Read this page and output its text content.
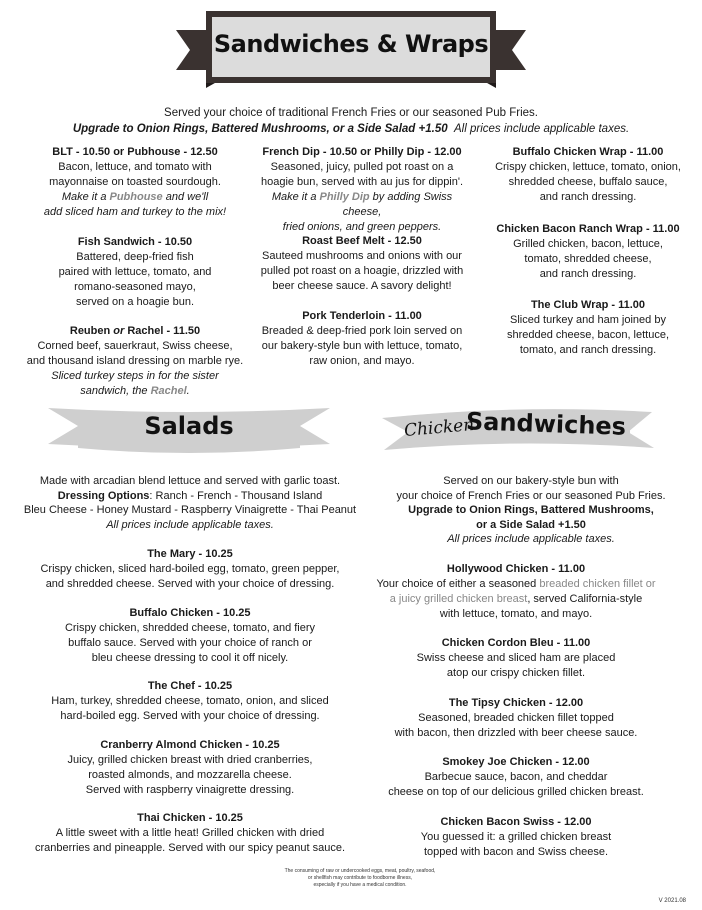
Sandwiches & Wraps
Served your choice of traditional French Fries or our seasoned Pub Fries.
Upgrade to Onion Rings, Battered Mushrooms, or a Side Salad +1.50 All prices include applicable taxes.
BLT - 10.50 or Pubhouse - 12.50
Bacon, lettuce, and tomato with
mayonnaise on toasted sourdough.
Make it a Pubhouse and we'll
add sliced ham and turkey to the mix!
Fish Sandwich - 10.50
Battered, deep-fried fish
paired with lettuce, tomato, and
romano-seasoned mayo,
served on a hoagie bun.
Reuben or Rachel - 11.50
Corned beef, sauerkraut, Swiss cheese,
and thousand island dressing on marble rye.
Sliced turkey steps in for the sister
sandwich, the Rachel.
French Dip - 10.50 or Philly Dip - 12.00
Seasoned, juicy, pulled pot roast on a
hoagie bun, served with au jus for dippin'.
Make it a Philly Dip by adding Swiss cheese,
fried onions, and green peppers.
Roast Beef Melt - 12.50
Sauteed mushrooms and onions with our
pulled pot roast on a hoagie, drizzled with
beer cheese sauce. A savory delight!
Pork Tenderloin - 11.00
Breaded & deep-fried pork loin served on
our bakery-style bun with lettuce, tomato,
raw onion, and mayo.
Buffalo Chicken Wrap - 11.00
Crispy chicken, lettuce, tomato, onion,
shredded cheese, buffalo sauce,
and ranch dressing.
Chicken Bacon Ranch Wrap - 11.00
Grilled chicken, bacon, lettuce,
tomato, shredded cheese,
and ranch dressing.
The Club Wrap - 11.00
Sliced turkey and ham joined by
shredded cheese, bacon, lettuce,
tomato, and ranch dressing.
Salads
Made with arcadian blend lettuce and served with garlic toast.
Dressing Options: Ranch - French - Thousand Island
Bleu Cheese - Honey Mustard - Raspberry Vinaigrette - Thai Peanut
All prices include applicable taxes.
The Mary - 10.25
Crispy chicken, sliced hard-boiled egg, tomato, green pepper,
and shredded cheese. Served with your choice of dressing.
Buffalo Chicken - 10.25
Crispy chicken, shredded cheese, tomato, and fiery
buffalo sauce. Served with your choice of ranch or
bleu cheese dressing to cool it off nicely.
The Chef - 10.25
Ham, turkey, shredded cheese, tomato, onion, and sliced
hard-boiled egg. Served with your choice of dressing.
Cranberry Almond Chicken - 10.25
Juicy, grilled chicken breast with dried cranberries,
roasted almonds, and mozzarella cheese.
Served with raspberry vinaigrette dressing.
Thai Chicken - 10.25
A little sweet with a little heat! Grilled chicken with dried
cranberries and pineapple. Served with our spicy peanut sauce.
Chicken
Sandwiches
Served on our bakery-style bun with
your choice of French Fries or our seasoned Pub Fries.
Upgrade to Onion Rings, Battered Mushrooms,
or a Side Salad +1.50
All prices include applicable taxes.
Hollywood Chicken - 11.00
Your choice of either a seasoned breaded chicken fillet or
a juicy grilled chicken breast, served California-style
with lettuce, tomato, and mayo.
Chicken Cordon Bleu - 11.00
Swiss cheese and sliced ham are placed
atop our crispy chicken fillet.
The Tipsy Chicken - 12.00
Seasoned, breaded chicken fillet topped
with bacon, then drizzled with beer cheese sauce.
Smokey Joe Chicken - 12.00
Barbecue sauce, bacon, and cheddar
cheese on top of our delicious grilled chicken breast.
Chicken Bacon Swiss - 12.00
You guessed it: a grilled chicken breast
topped with bacon and Swiss cheese.
The consuming of raw or undercooked eggs, meat, poultry, seafood,
or shellfish may contribute to foodborne illness,
especially if you have a medical condition.
V 2021.08
